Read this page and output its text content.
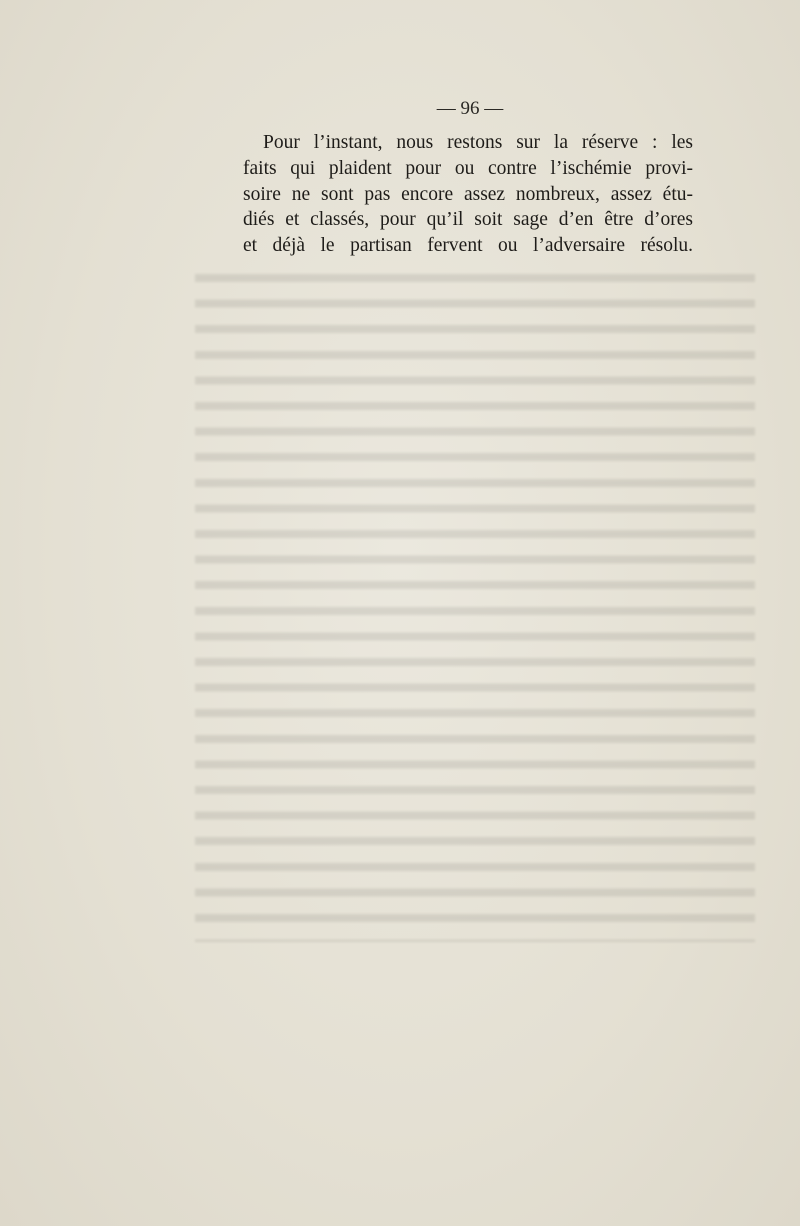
— 96 —
Pour l’instant, nous restons sur la réserve : les
faits qui plaident pour ou contre l’ischémie provi-
soire ne sont pas encore assez nombreux, assez étu-
diés et classés, pour qu’il soit sage d’en être d’ores
et déjà le partisan fervent ou l’adversaire résolu.
